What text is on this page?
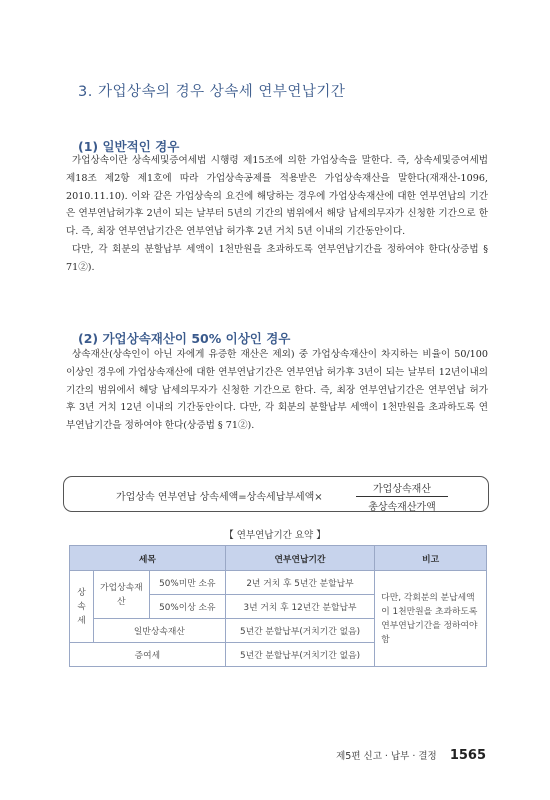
3. 가업상속의 경우 상속세 연부연납기간
(1) 일반적인 경우

가업상속이란 상속세및증여세법 시행령 제15조에 의한 가업상속을 말한다. 즉, 상속세및증여세법 제18조 제2항 제1호에 따라 가업상속공제를 적용받은 가업상속재산을 말한다(재재산-1096, 2010.11.10). 이와 같은 가업상속의 요건에 해당하는 경우에 가업상속재산에 대한 연부연납의 기간은 연부연납허가후 2년이 되는 날부터 5년의 기간의 범위에서 해당 납세의무자가 신청한 기간으로 한다. 즉, 최장 연부연납기간은 연부연납 허가후 2년 거치 5년 이내의 기간동안이다.

다만, 각 회분의 분할납부 세액이 1천만원을 초과하도록 연부연납기간을 정하여야 한다(상증법 § 71②).

(2) 가업상속재산이 50% 이상인 경우

상속재산(상속인이 아닌 자에게 유증한 재산은 제외) 중 가업상속재산이 차지하는 비율이 50/100 이상인 경우에 가업상속재산에 대한 연부연납기간은 연부연납 허가후 3년이 되는 날부터 12년이내의 기간의 범위에서 해당 납세의무자가 신청한 기간으로 한다. 즉, 최장 연부연납기간은 연부연납 허가 후 3년 거치 12년 이내의 기간동안이다. 다만, 각 회분의 분할납부 세액이 1천만원을 초과하도록 연부연납기간을 정하여야 한다(상증법 § 71②).

가업상속 연부연납 상속세액=상속세납부세액×
가업상속재산
총상속재산가액
【 연부연납기간 요약 】
세목			연부연납기간	비고
상속세	가업상속재산	50%미만 소유	2년 거치 후 5년간 분할납부	다만, 각회분의 분납세액이 1천만원을 초과하도록 연부연납기간을 정하여야 함
		50%이상 소유	3년 거치 후 12년간 분할납부	
	일반상속재산		5년간 분할납부(거치기간 없음)	
증여세			5년간 분할납부(거치기간 없음)	
제5편 신고 · 납부 · 결정 1565
